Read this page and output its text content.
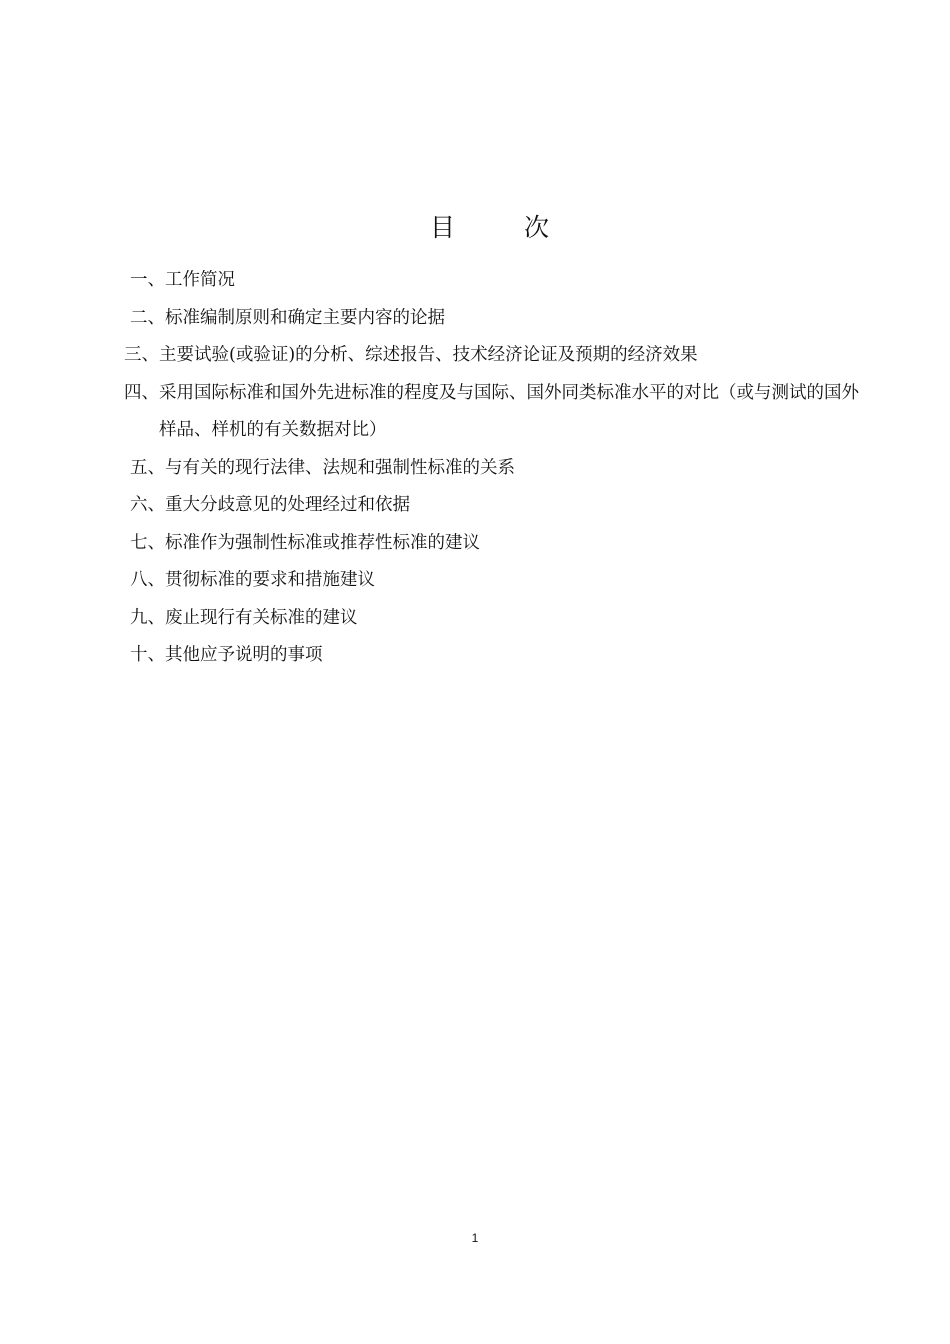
目　次
一、 工作简况
二、 标准编制原则和确定主要内容的论据
三、 主要试验(或验证)的分析、综述报告、技术经济论证及预期的经济效果
四、 采用国际标准和国外先进标准的程度及与国际、国外同类标准水平的对比（或与测试的国外样品、样机的有关数据对比）
五、 与有关的现行法律、法规和强制性标准的关系
六、 重大分歧意见的处理经过和依据
七、 标准作为强制性标准或推荐性标准的建议
八、 贯彻标准的要求和措施建议
九、 废止现行有关标准的建议
十、 其他应予说明的事项
1
